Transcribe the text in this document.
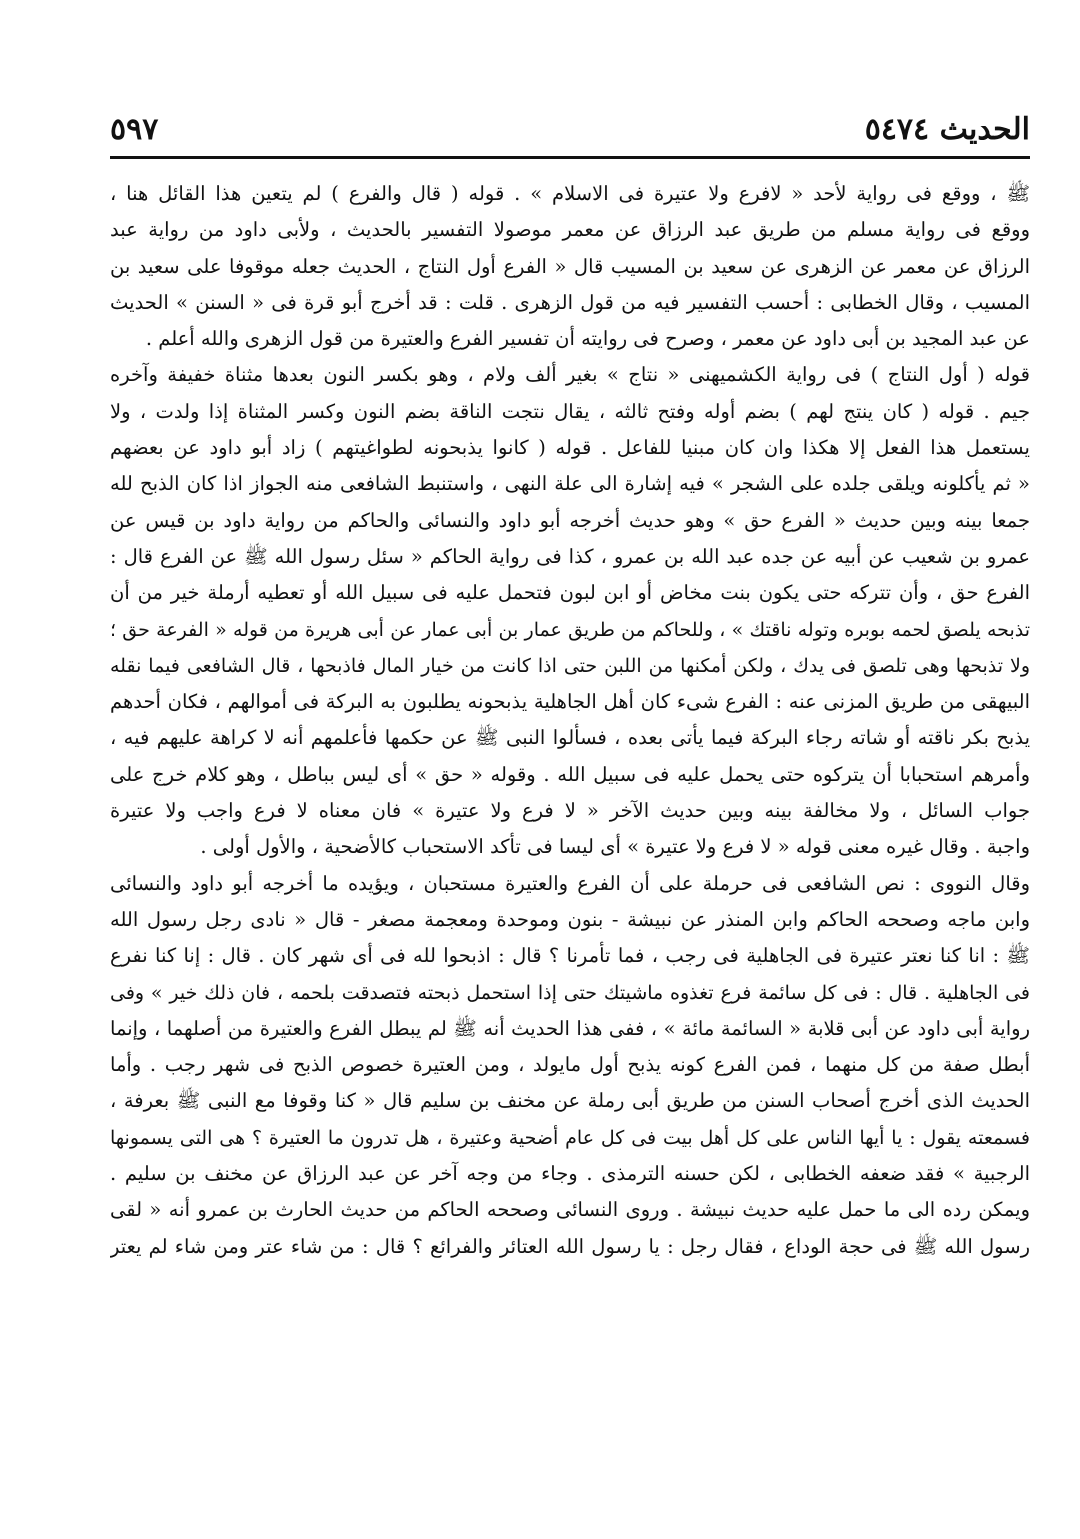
الحديث ٥٤٧٤
٥٩٧
ﷺ ، ووقع فى رواية لأحد « لافرع ولا عتيرة فى الاسلام » . قوله ( قال والفرع ) لم يتعين هذا القائل هنا ،
ووقع فى رواية مسلم من طريق عبد الرزاق عن معمر موصولا التفسير بالحديث ، ولأبى داود من رواية عبد
الرزاق عن معمر عن الزهرى عن سعيد بن المسيب قال « الفرع أول النتاج ، الحديث جعله موقوفا على سعيد بن
المسيب ، وقال الخطابى : أحسب التفسير فيه من قول الزهرى . قلت : قد أخرج أبو قرة فى « السنن » الحديث
عن عبد المجيد بن أبى داود عن معمر ، وصرح فى روايته أن تفسير الفرع والعتيرة من قول الزهرى والله أعلم .
قوله ( أول النتاج ) فى رواية الكشميهنى « نتاج » بغير ألف ولام ، وهو بكسر النون بعدها مثناة خفيفة وآخره
جيم . قوله ( كان ينتج لهم ) بضم أوله وفتح ثالثه ، يقال نتجت الناقة بضم النون وكسر المثناة إذا ولدت ، ولا
يستعمل هذا الفعل إلا هكذا وان كان مبنيا للفاعل . قوله ( كانوا يذبحونه لطواغيتهم ) زاد أبو داود عن بعضهم
« ثم يأكلونه ويلقى جلده على الشجر » فيه إشارة الى علة النهى ، واستنبط الشافعى منه الجواز اذا كان الذبح لله
جمعا بينه وبين حديث « الفرع حق » وهو حديث أخرجه أبو داود والنسائى والحاكم من رواية داود بن قيس عن
عمرو بن شعيب عن أبيه عن جده عبد الله بن عمرو ، كذا فى رواية الحاكم « سئل رسول الله ﷺ عن الفرع قال :
الفرع حق ، وأن تتركه حتى يكون بنت مخاض أو ابن لبون فتحمل عليه فى سبيل الله أو تعطيه أرملة خير من أن
تذبحه يلصق لحمه بوبره وتوله ناقتك » ، وللحاكم من طريق عمار بن أبى عمار عن أبى هريرة من قوله « الفرعة حق ؛
ولا تذبحها وهى تلصق فى يدك ، ولكن أمكنها من اللبن حتى اذا كانت من خيار المال فاذبحها ، قال الشافعى فيما نقله
البيهقى من طريق المزنى عنه : الفرع شىء كان أهل الجاهلية يذبحونه يطلبون به البركة فى أموالهم ، فكان أحدهم
يذبح بكر ناقته أو شاته رجاء البركة فيما يأتى بعده ، فسألوا النبى ﷺ عن حكمها فأعلمهم أنه لا كراهة عليهم فيه ،
وأمرهم استحبابا أن يتركوه حتى يحمل عليه فى سبيل الله . وقوله « حق » أى ليس بباطل ، وهو كلام خرج على
جواب السائل ، ولا مخالفة بينه وبين حديث الآخر « لا فرع ولا عتيرة » فان معناه لا فرع واجب ولا عتيرة
واجبة . وقال غيره معنى قوله « لا فرع ولا عتيرة » أى ليسا فى تأكد الاستحباب كالأضحية ، والأول أولى .
وقال النووى : نص الشافعى فى حرملة على أن الفرع والعتيرة مستحبان ، ويؤيده ما أخرجه أبو داود والنسائى
وابن ماجه وصححه الحاكم وابن المنذر عن نبيشة - بنون وموحدة ومعجمة مصغر - قال « نادى رجل رسول الله
ﷺ : انا كنا نعتر عتيرة فى الجاهلية فى رجب ، فما تأمرنا ؟ قال : اذبحوا لله فى أى شهر كان . قال : إنا كنا نفرع
فى الجاهلية . قال : فى كل سائمة فرع تغذوه ماشيتك حتى إذا استحمل ذبحته فتصدقت بلحمه ، فان ذلك خير » وفى
رواية أبى داود عن أبى قلابة « السائمة مائة » ، ففى هذا الحديث أنه ﷺ لم يبطل الفرع والعتيرة من أصلهما ، وإنما
أبطل صفة من كل منهما ، فمن الفرع كونه يذبح أول مايولد ، ومن العتيرة خصوص الذبح فى شهر رجب . وأما
الحديث الذى أخرج أصحاب السنن من طريق أبى رملة عن مخنف بن سليم قال « كنا وقوفا مع النبى ﷺ بعرفة ،
فسمعته يقول : يا أيها الناس على كل أهل بيت فى كل عام أضحية وعتيرة ، هل تدرون ما العتيرة ؟ هى التى يسمونها
الرجبية » فقد ضعفه الخطابى ، لكن حسنه الترمذى . وجاء من وجه آخر عن عبد الرزاق عن مخنف بن سليم .
ويمكن رده الى ما حمل عليه حديث نبيشة . وروى النسائى وصححه الحاكم من حديث الحارث بن عمرو أنه « لقى
رسول الله ﷺ فى حجة الوداع ، فقال رجل : يا رسول الله العتائر والفرائع ؟ قال : من شاء عتر ومن شاء لم يعتر
